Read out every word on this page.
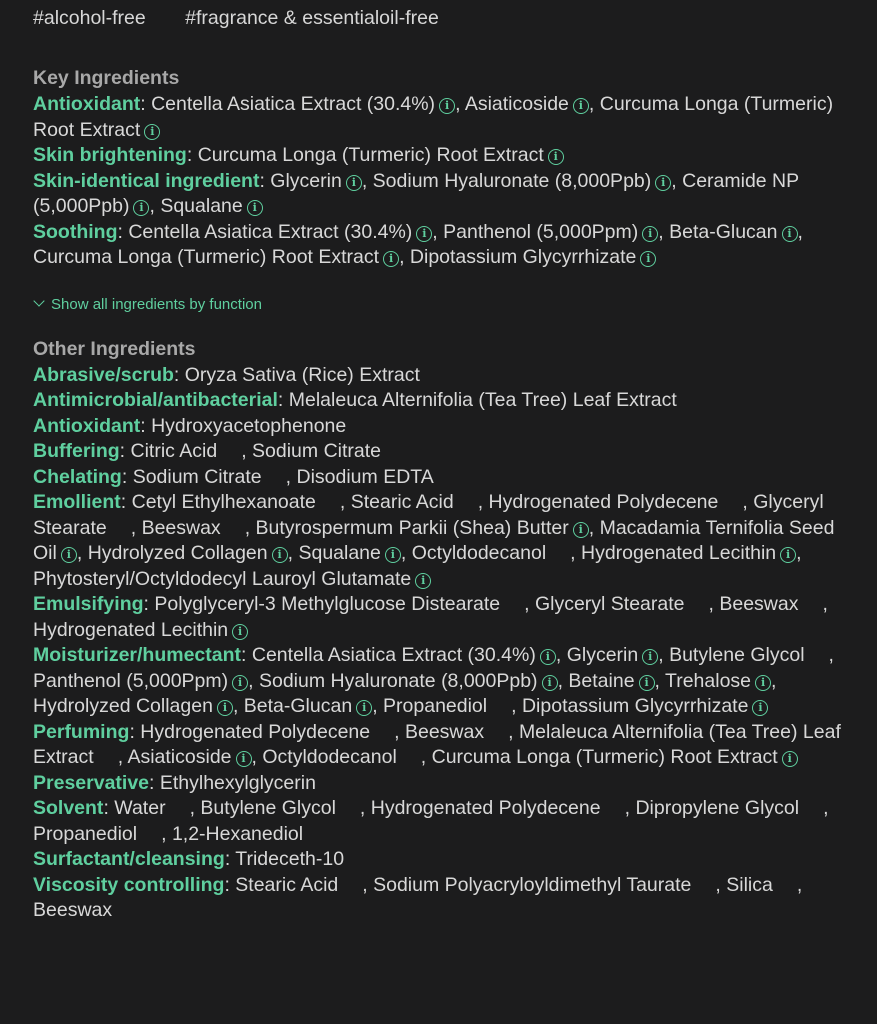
#alcohol-free #fragrance & essentialoil-free
Key Ingredients
Antioxidant: Centella Asiatica Extract (30.4%) i , Asiaticoside i , Curcuma Longa (Turmeric) Root Extract i
Skin brightening: Curcuma Longa (Turmeric) Root Extract i
Skin-identical ingredient: Glycerin i , Sodium Hyaluronate (8,000Ppb) i , Ceramide NP (5,000Ppb) i , Squalane i
Soothing: Centella Asiatica Extract (30.4%) i , Panthenol (5,000Ppm) i , Beta-Glucan i , Curcuma Longa (Turmeric) Root Extract i , Dipotassium Glycyrrhizate i
Show all ingredients by function
Other Ingredients
Abrasive/scrub: Oryza Sativa (Rice) Extract
Antimicrobial/antibacterial: Melaleuca Alternifolia (Tea Tree) Leaf Extract
Antioxidant: Hydroxyacetophenone
Buffering: Citric Acid , Sodium Citrate
Chelating: Sodium Citrate , Disodium EDTA
Emollient: Cetyl Ethylhexanoate , Stearic Acid , Hydrogenated Polydecene , Glyceryl Stearate , Beeswax , Butyrospermum Parkii (Shea) Butter i , Macadamia Ternifolia Seed Oil i , Hydrolyzed Collagen i , Squalane i , Octyldodecanol , Hydrogenated Lecithin i , Phytosteryl/Octyldodecyl Lauroyl Glutamate i
Emulsifying: Polyglyceryl-3 Methylglucose Distearate , Glyceryl Stearate , Beeswax , Hydrogenated Lecithin i
Moisturizer/humectant: Centella Asiatica Extract (30.4%) i , Glycerin i , Butylene Glycol , Panthenol (5,000Ppm) i , Sodium Hyaluronate (8,000Ppb) i , Betaine i , Trehalose i , Hydrolyzed Collagen i , Beta-Glucan i , Propanediol , Dipotassium Glycyrrhizate i
Perfuming: Hydrogenated Polydecene , Beeswax , Melaleuca Alternifolia (Tea Tree) Leaf Extract , Asiaticoside i , Octyldodecanol , Curcuma Longa (Turmeric) Root Extract i
Preservative: Ethylhexylglycerin
Solvent: Water , Butylene Glycol , Hydrogenated Polydecene , Dipropylene Glycol , Propanediol , 1,2-Hexanediol
Surfactant/cleansing: Trideceth-10
Viscosity controlling: Stearic Acid , Sodium Polyacryloyldimethyl Taurate , Silica , Beeswax
